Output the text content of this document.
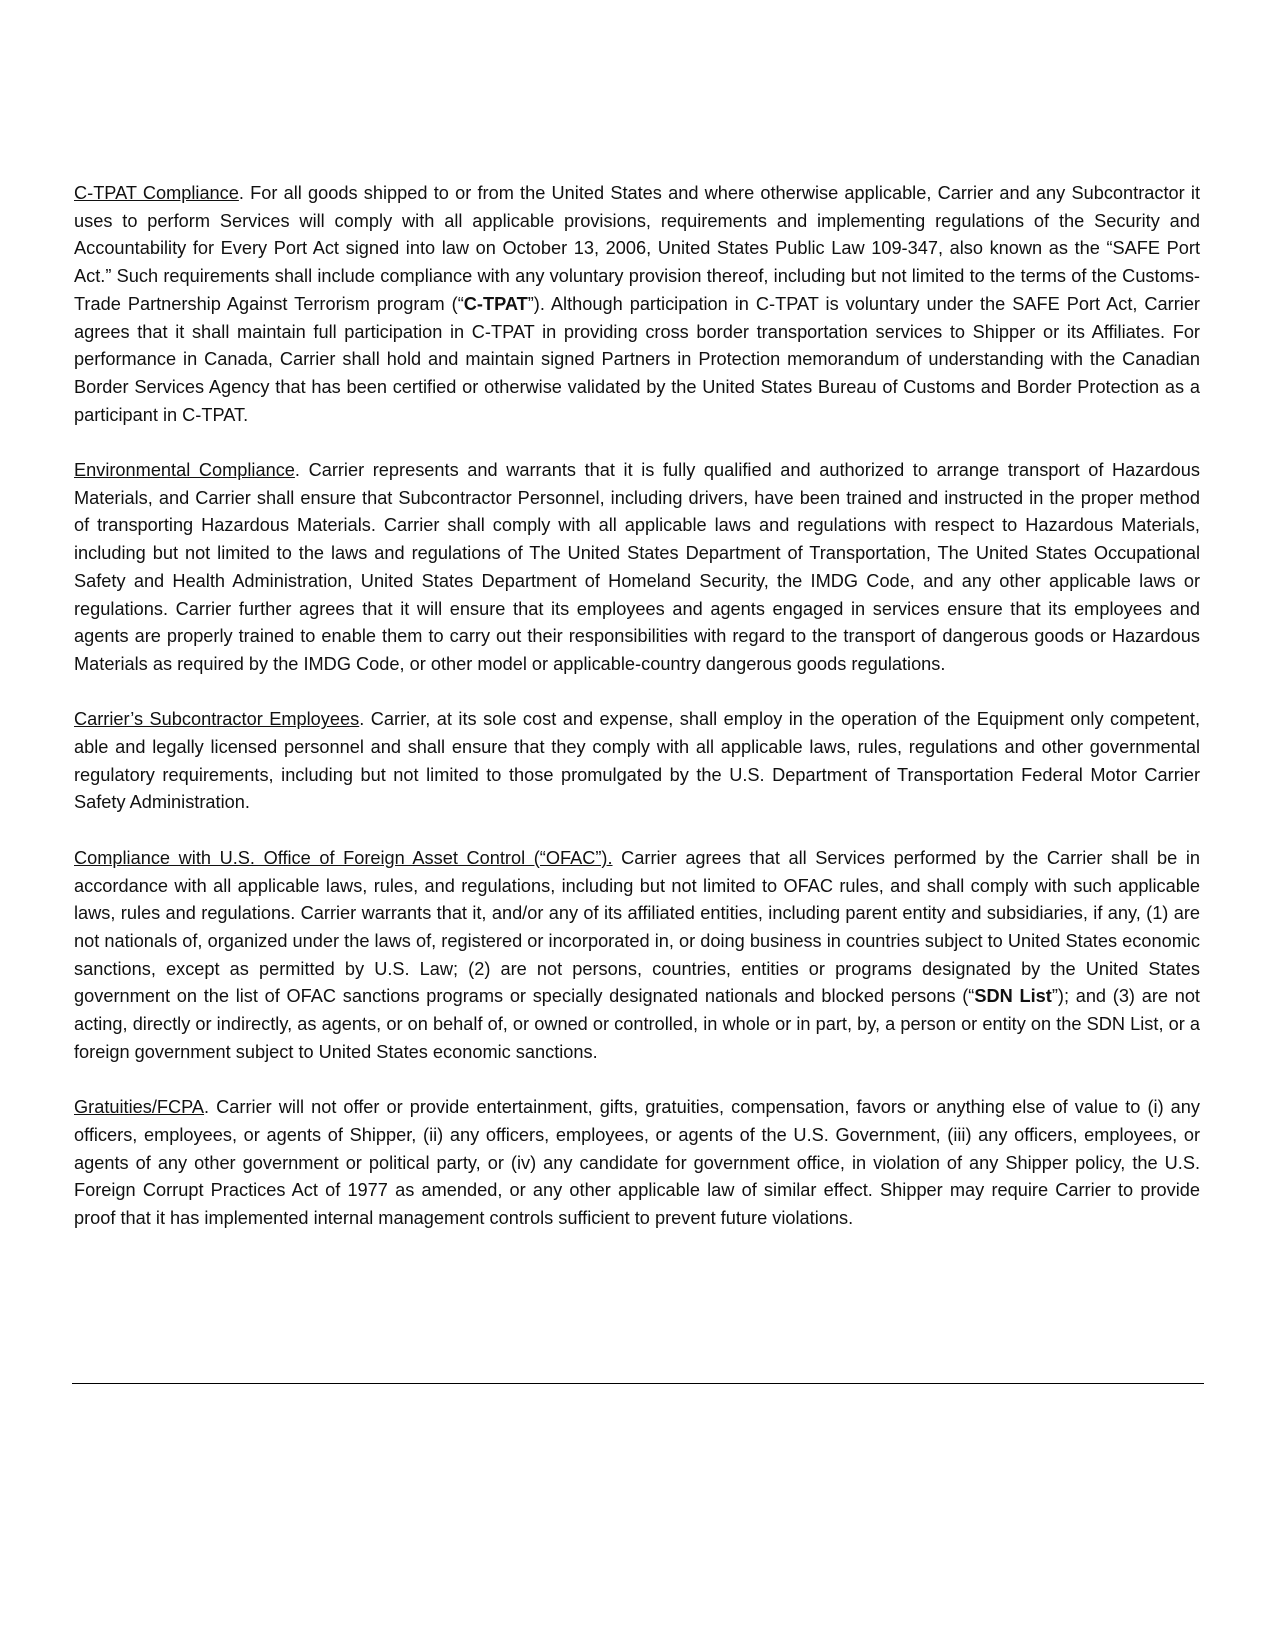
C-TPAT Compliance. For all goods shipped to or from the United States and where otherwise applicable, Carrier and any Subcontractor it uses to perform Services will comply with all applicable provisions, requirements and implementing regulations of the Security and Accountability for Every Port Act signed into law on October 13, 2006, United States Public Law 109-347, also known as the “SAFE Port Act.” Such requirements shall include compliance with any voluntary provision thereof, including but not limited to the terms of the Customs-Trade Partnership Against Terrorism program (“C-TPAT”). Although participation in C-TPAT is voluntary under the SAFE Port Act, Carrier agrees that it shall maintain full participation in C-TPAT in providing cross border transportation services to Shipper or its Affiliates. For performance in Canada, Carrier shall hold and maintain signed Partners in Protection memorandum of understanding with the Canadian Border Services Agency that has been certified or otherwise validated by the United States Bureau of Customs and Border Protection as a participant in C-TPAT.

Environmental Compliance. Carrier represents and warrants that it is fully qualified and authorized to arrange transport of Hazardous Materials, and Carrier shall ensure that Subcontractor Personnel, including drivers, have been trained and instructed in the proper method of transporting Hazardous Materials. Carrier shall comply with all applicable laws and regulations with respect to Hazardous Materials, including but not limited to the laws and regulations of The United States Department of Transportation, The United States Occupational Safety and Health Administration, United States Department of Homeland Security, the IMDG Code, and any other applicable laws or regulations. Carrier further agrees that it will ensure that its employees and agents engaged in services ensure that its employees and agents are properly trained to enable them to carry out their responsibilities with regard to the transport of dangerous goods or Hazardous Materials as required by the IMDG Code, or other model or applicable-country dangerous goods regulations.

Carrier’s Subcontractor Employees. Carrier, at its sole cost and expense, shall employ in the operation of the Equipment only competent, able and legally licensed personnel and shall ensure that they comply with all applicable laws, rules, regulations and other governmental regulatory requirements, including but not limited to those promulgated by the U.S. Department of Transportation Federal Motor Carrier Safety Administration.

Compliance with U.S. Office of Foreign Asset Control (“OFAC”). Carrier agrees that all Services performed by the Carrier shall be in accordance with all applicable laws, rules, and regulations, including but not limited to OFAC rules, and shall comply with such applicable laws, rules and regulations. Carrier warrants that it, and/or any of its affiliated entities, including parent entity and subsidiaries, if any, (1) are not nationals of, organized under the laws of, registered or incorporated in, or doing business in countries subject to United States economic sanctions, except as permitted by U.S. Law; (2) are not persons, countries, entities or programs designated by the United States government on the list of OFAC sanctions programs or specially designated nationals and blocked persons (“SDN List”); and (3) are not acting, directly or indirectly, as agents, or on behalf of, or owned or controlled, in whole or in part, by, a person or entity on the SDN List, or a foreign government subject to United States economic sanctions.

Gratuities/FCPA. Carrier will not offer or provide entertainment, gifts, gratuities, compensation, favors or anything else of value to (i) any officers, employees, or agents of Shipper, (ii) any officers, employees, or agents of the U.S. Government, (iii) any officers, employees, or agents of any other government or political party, or (iv) any candidate for government office, in violation of any Shipper policy, the U.S. Foreign Corrupt Practices Act of 1977 as amended, or any other applicable law of similar effect. Shipper may require Carrier to provide proof that it has implemented internal management controls sufficient to prevent future violations.
